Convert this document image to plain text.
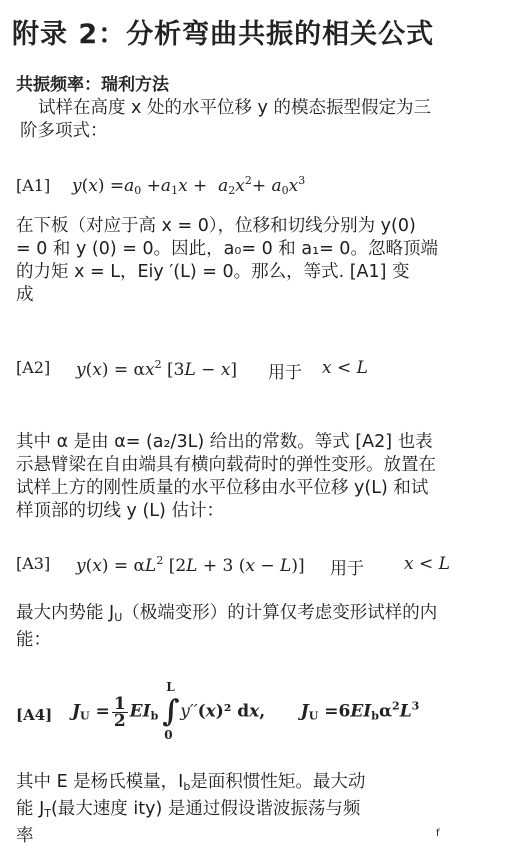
附录 2：分析弯曲共振的相关公式
共振频率：瑞利方法
试样在高度 x 处的水平位移 y 的模态振型假定为三
阶多项式：
[A1] $y(x) =a_0 +a_1x + a_2x^2+ a_0x^3$
在下板（对应于高 x = 0），位移和切线分别为 y(0)
= 0 和 y (0) = 0。因此，a₀= 0 和 a₁= 0。忽略顶端
的力矩 x = L，Eiy ′(L) = 0。那么，等式. [A1] 变
成
[A2] $y(x) = \alpha x^2$ [3L − x] 用于 x < L
其中 α 是由 α= (a₂/3L) 给出的常数。等式 [A2] 也表
示悬臂梁在自由端具有横向载荷时的弹性变形。放置在
试样上方的刚性质量的水平位移由水平位移 y(L) 和试
样顶部的切线 y (L) 估计：
[A3] $y(x) = \alpha L^2$ [2L + 3 (x − L)] 用于 x < L
最大内势能 $J_U$（极端变形）的计算仅考虑变形试样的内
能：
[A4] $J_U = \frac{1}{2} EI_b$
L
∫
0
y′′(x)² dx,      $J_U =6EI_b\alpha^2L^3$
其中 E 是杨氏模量，$I_b$是面积惯性矩。最大动
能 $J_T$(最大速度 ity) 是通过假设谐波振荡与频
率	f
